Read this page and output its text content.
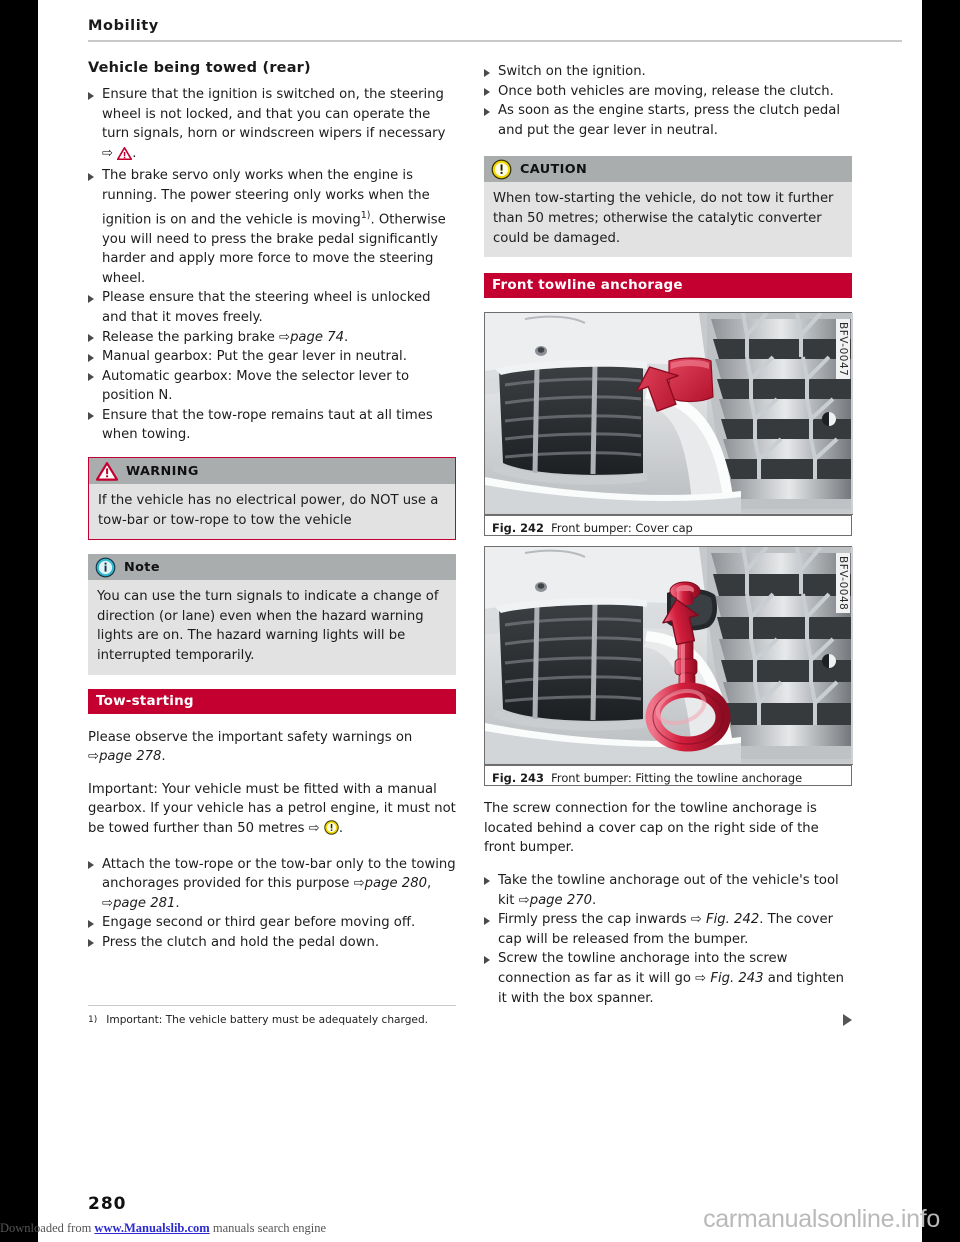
Mobility
Vehicle being towed (rear)
Ensure that the ignition is switched on, the steering wheel is not locked, and that you can operate the turn signals, horn or windscreen wipers if necessary ⇨ .
The brake servo only works when the engine is running. The power steering only works when the ignition is on and the vehicle is moving$^{1)}$. Otherwise you will need to press the brake pedal significantly harder and apply more force to move the steering wheel.
Please ensure that the steering wheel is unlocked and that it moves freely.
Release the parking brake ⇨page 74.
Manual gearbox: Put the gear lever in neutral.
Automatic gearbox: Move the selector lever to position N.
Ensure that the tow-rope remains taut at all times when towing.
WARNING
If the vehicle has no electrical power, do NOT use a tow-bar or tow-rope to tow the vehicle
Note
You can use the turn signals to indicate a change of direction (or lane) even when the hazard warning lights are on. The hazard warning lights will be interrupted temporarily.
Tow-starting

Please observe the important safety warnings on ⇨page 278.

Important: Your vehicle must be fitted with a manual gearbox. If your vehicle has a petrol engine, it must not be towed further than 50 metres ⇨ .

Attach the tow-rope or the tow-bar only to the towing anchorages provided for this purpose ⇨page 280, ⇨page 281.
Engage second or third gear before moving off.
Press the clutch and hold the pedal down.
1) Important: The vehicle battery must be adequately charged.
Switch on the ignition.
Once both vehicles are moving, release the clutch.
As soon as the engine starts, press the clutch pedal and put the gear lever in neutral.
CAUTION
When tow-starting the vehicle, do not tow it further than 50 metres; otherwise the catalytic converter could be damaged.
Front towline anchorage
BFV-0047
Fig. 242 Front bumper: Cover cap
BFV-0048
Fig. 243 Front bumper: Fitting the towline anchorage

The screw connection for the towline anchorage is located behind a cover cap on the right side of the front bumper.

Take the towline anchorage out of the vehicle's tool kit ⇨page 270.
Firmly press the cap inwards ⇨ Fig. 242. The cover cap will be released from the bumper.
Screw the towline anchorage into the screw connection as far as it will go ⇨ Fig. 243 and tighten it with the box spanner.
280
Downloaded from www.Manualslib.com manuals search engine	carmanualsonline.info
